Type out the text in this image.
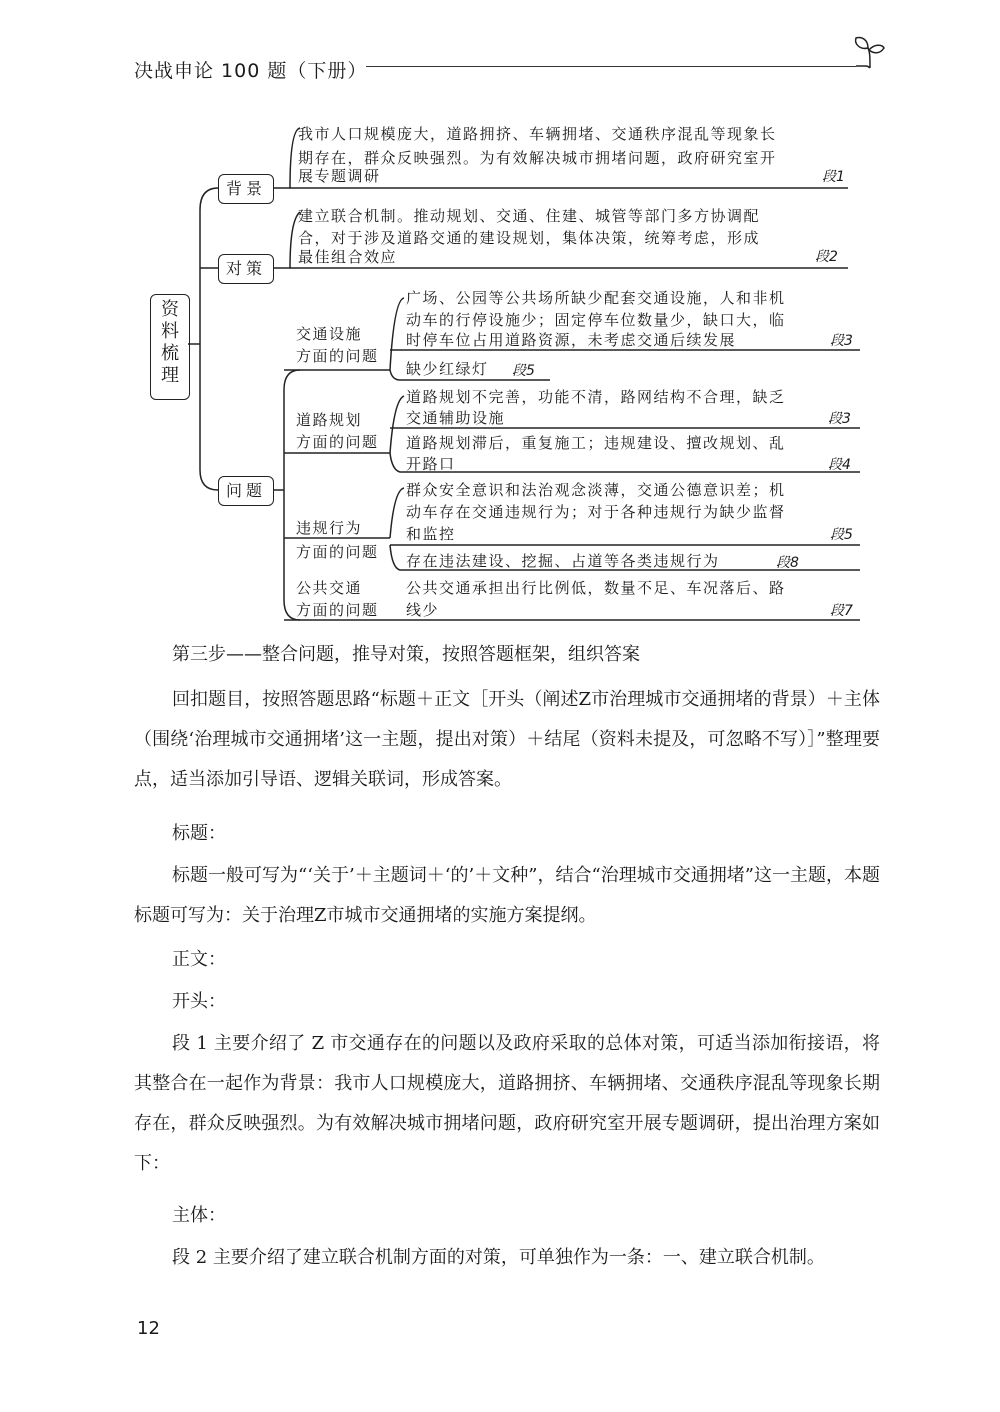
决战申论 100 题（下册）
资
料
梳
理
背景
对策
问题
我市人口规模庞大，道路拥挤、车辆拥堵、交通秩序混乱等现象长
期存在，群众反映强烈。为有效解决城市拥堵问题，政府研究室开
展专题调研	段1
建立联合机制。推动规划、交通、住建、城管等部门多方协调配
合，对于涉及道路交通的建设规划，集体决策，统筹考虑，形成
最佳组合效应	段2
交通设施
方面的问题
道路规划
方面的问题
违规行为
方面的问题
公共交通
方面的问题
广场、公园等公共场所缺少配套交通设施，人和非机
动车的行停设施少；固定停车位数量少，缺口大，临
时停车位占用道路资源，未考虑交通后续发展	段3
缺少红绿灯 段5
道路规划不完善，功能不清，路网结构不合理，缺乏
交通辅助设施	段3
道路规划滞后，重复施工；违规建设、擅改规划、乱
开路口	段4
群众安全意识和法治观念淡薄，交通公德意识差；机
动车存在交通违规行为；对于各种违规行为缺少监督
和监控	段5
存在违法建设、挖掘、占道等各类违规行为	段8
公共交通承担出行比例低，数量不足、车况落后、路
线少	段7
第三步——整合问题，推导对策，按照答题框架，组织答案

回扣题目，按照答题思路“标题＋正文［开头（阐述Z市治理城市交通拥堵的背景）＋主体（围绕‘治理城市交通拥堵’这一主题，提出对策）＋结尾（资料未提及，可忽略不写）］”整理要点，适当添加引导语、逻辑关联词，形成答案。

标题：

标题一般可写为“‘关于’＋主题词＋‘的’＋文种”，结合“治理城市交通拥堵”这一主题，本题标题可写为：关于治理Z市城市交通拥堵的实施方案提纲。

正文：

开头：

段 1 主要介绍了 Z 市交通存在的问题以及政府采取的总体对策，可适当添加衔接语，将其整合在一起作为背景：我市人口规模庞大，道路拥挤、车辆拥堵、交通秩序混乱等现象长期存在，群众反映强烈。为有效解决城市拥堵问题，政府研究室开展专题调研，提出治理方案如下：

主体：

段 2 主要介绍了建立联合机制方面的对策，可单独作为一条：一、建立联合机制。

12
